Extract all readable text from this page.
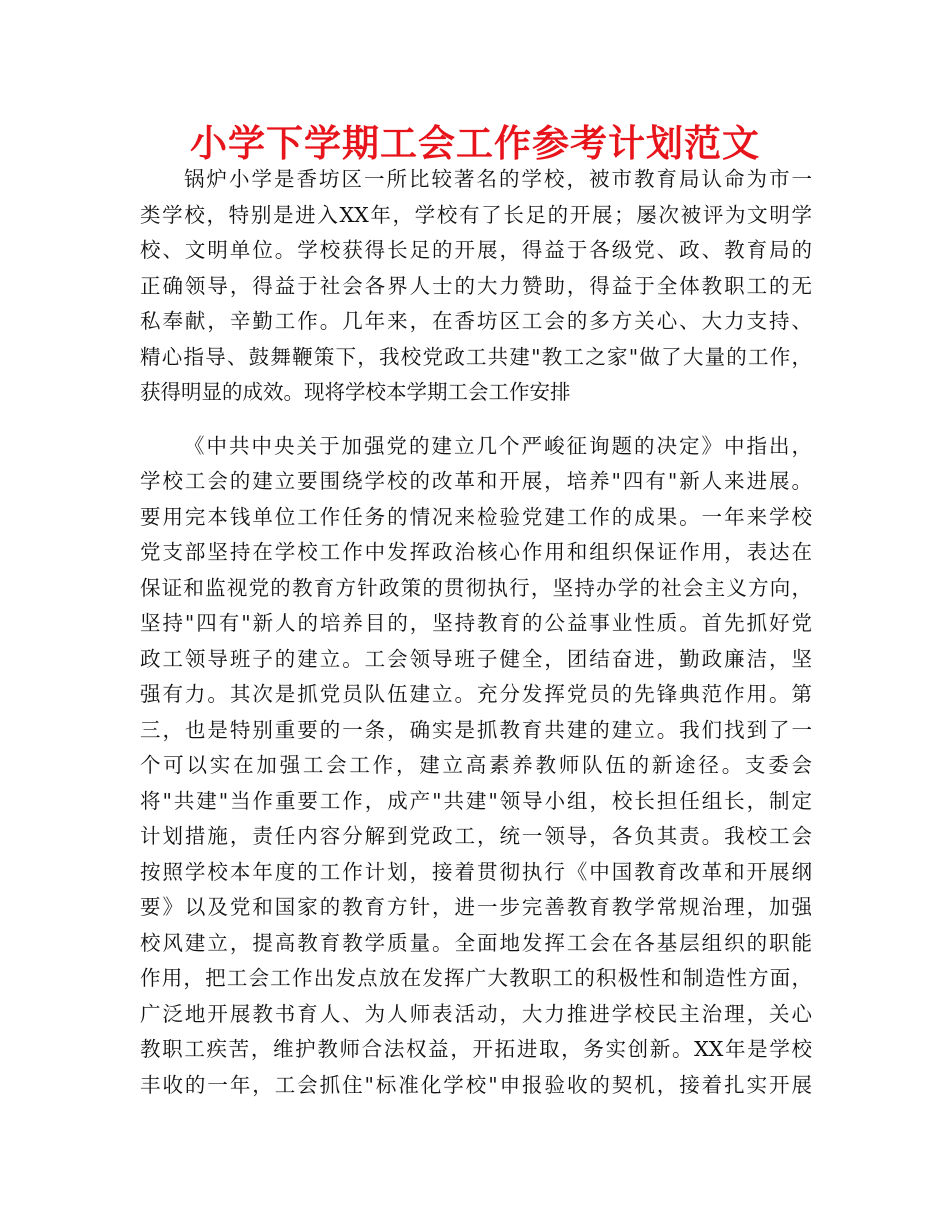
小学下学期工会工作参考计划范文
锅炉小学是香坊区一所比较著名的学校，被市教育局认命为市一
类学校，特别是进入XX年，学校有了长足的开展；屡次被评为文明学
校、文明单位。学校获得长足的开展，得益于各级党、政、教育局的
正确领导，得益于社会各界人士的大力赞助，得益于全体教职工的无
私奉献，辛勤工作。几年来，在香坊区工会的多方关心、大力支持、
精心指导、鼓舞鞭策下，我校党政工共建"教工之家"做了大量的工作，
获得明显的成效。现将学校本学期工会工作安排
《中共中央关于加强党的建立几个严峻征询题的决定》中指出，
学校工会的建立要围绕学校的改革和开展，培养"四有"新人来进展。
要用完本钱单位工作任务的情况来检验党建工作的成果。一年来学校
党支部坚持在学校工作中发挥政治核心作用和组织保证作用，表达在
保证和监视党的教育方针政策的贯彻执行，坚持办学的社会主义方向，
坚持"四有"新人的培养目的，坚持教育的公益事业性质。首先抓好党
政工领导班子的建立。工会领导班子健全，团结奋进，勤政廉洁，坚
强有力。其次是抓党员队伍建立。充分发挥党员的先锋典范作用。第
三，也是特别重要的一条，确实是抓教育共建的建立。我们找到了一
个可以实在加强工会工作，建立高素养教师队伍的新途径。支委会
将"共建"当作重要工作，成产"共建"领导小组，校长担任组长，制定
计划措施，责任内容分解到党政工，统一领导，各负其责。我校工会
按照学校本年度的工作计划，接着贯彻执行《中国教育改革和开展纲
要》以及党和国家的教育方针，进一步完善教育教学常规治理，加强
校风建立，提高教育教学质量。全面地发挥工会在各基层组织的职能
作用，把工会工作出发点放在发挥广大教职工的积极性和制造性方面，
广泛地开展教书育人、为人师表活动，大力推进学校民主治理，关心
教职工疾苦，维护教师合法权益，开拓进取，务实创新。XX年是学校
丰收的一年，工会抓住"标准化学校"申报验收的契机，接着扎实开展
